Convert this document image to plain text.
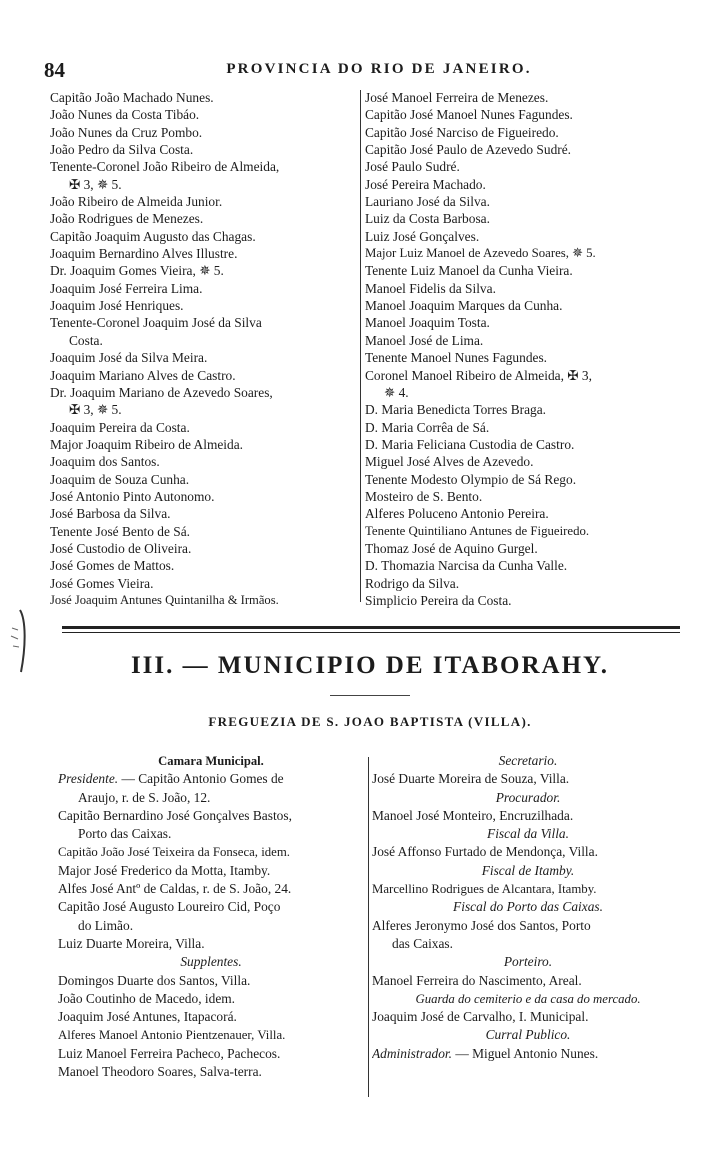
84	PROVINCIA DO RIO DE JANEIRO.
Capitão João Machado Nunes.
João Nunes da Costa Tibáo.
João Nunes da Cruz Pombo.
João Pedro da Silva Costa.
Tenente-Coronel João Ribeiro de Almeida,
✠ 3, ✵ 5.
João Ribeiro de Almeida Junior.
João Rodrigues de Menezes.
Capitão Joaquim Augusto das Chagas.
Joaquim Bernardino Alves Illustre.
Dr. Joaquim Gomes Vieira, ✵ 5.
Joaquim José Ferreira Lima.
Joaquim José Henriques.
Tenente-Coronel Joaquim José da Silva
Costa.
Joaquim José da Silva Meira.
Joaquim Mariano Alves de Castro.
Dr. Joaquim Mariano de Azevedo Soares,
✠ 3, ✵ 5.
Joaquim Pereira da Costa.
Major Joaquim Ribeiro de Almeida.
Joaquim dos Santos.
Joaquim de Souza Cunha.
José Antonio Pinto Autonomo.
José Barbosa da Silva.
Tenente José Bento de Sá.
José Custodio de Oliveira.
José Gomes de Mattos.
José Gomes Vieira.
José Joaquim Antunes Quintanilha & Irmãos.
José Manoel Ferreira de Menezes.
Capitão José Manoel Nunes Fagundes.
Capitão José Narciso de Figueiredo.
Capitão José Paulo de Azevedo Sudré.
José Paulo Sudré.
José Pereira Machado.
Lauriano José da Silva.
Luiz da Costa Barbosa.
Luiz José Gonçalves.
Major Luiz Manoel de Azevedo Soares, ✵ 5.
Tenente Luiz Manoel da Cunha Vieira.
Manoel Fidelis da Silva.
Manoel Joaquim Marques da Cunha.
Manoel Joaquim Tosta.
Manoel José de Lima.
Tenente Manoel Nunes Fagundes.
Coronel Manoel Ribeiro de Almeida, ✠ 3,
✵ 4.
D. Maria Benedicta Torres Braga.
D. Maria Corrêa de Sá.
D. Maria Feliciana Custodia de Castro.
Miguel José Alves de Azevedo.
Tenente Modesto Olympio de Sá Rego.
Mosteiro de S. Bento.
Alferes Poluceno Antonio Pereira.
Tenente Quintiliano Antunes de Figueiredo.
Thomaz José de Aquino Gurgel.
D. Thomazia Narcisa da Cunha Valle.
Rodrigo da Silva.
Simplicio Pereira da Costa.
III. — MUNICIPIO DE ITABORAHY.
FREGUEZIA DE S. JOAO BAPTISTA (VILLA).
Camara Municipal.
Presidente. — Capitão Antonio Gomes de
Araujo, r. de S. João, 12.
Capitão Bernardino José Gonçalves Bastos,
Porto das Caixas.
Capitão João José Teixeira da Fonseca, idem.
Major José Frederico da Motta, Itamby.
Alfes José Antº de Caldas, r. de S. João, 24.
Capitão José Augusto Loureiro Cid, Poço
do Limão.
Luiz Duarte Moreira, Villa.
Supplentes.
Domingos Duarte dos Santos, Villa.
João Coutinho de Macedo, idem.
Joaquim José Antunes, Itapacorá.
Alferes Manoel Antonio Pientzenauer, Villa.
Luiz Manoel Ferreira Pacheco, Pachecos.
Manoel Theodoro Soares, Salva-terra.
Secretario.
José Duarte Moreira de Souza, Villa.
Procurador.
Manoel José Monteiro, Encruzilhada.
Fiscal da Villa.
José Affonso Furtado de Mendonça, Villa.
Fiscal de Itamby.
Marcellino Rodrigues de Alcantara, Itamby.
Fiscal do Porto das Caixas.
Alferes Jeronymo José dos Santos, Porto
das Caixas.
Porteiro.
Manoel Ferreira do Nascimento, Areal.
Guarda do cemiterio e da casa do mercado.
Joaquim José de Carvalho, I. Municipal.
Curral Publico.
Administrador. — Miguel Antonio Nunes.
